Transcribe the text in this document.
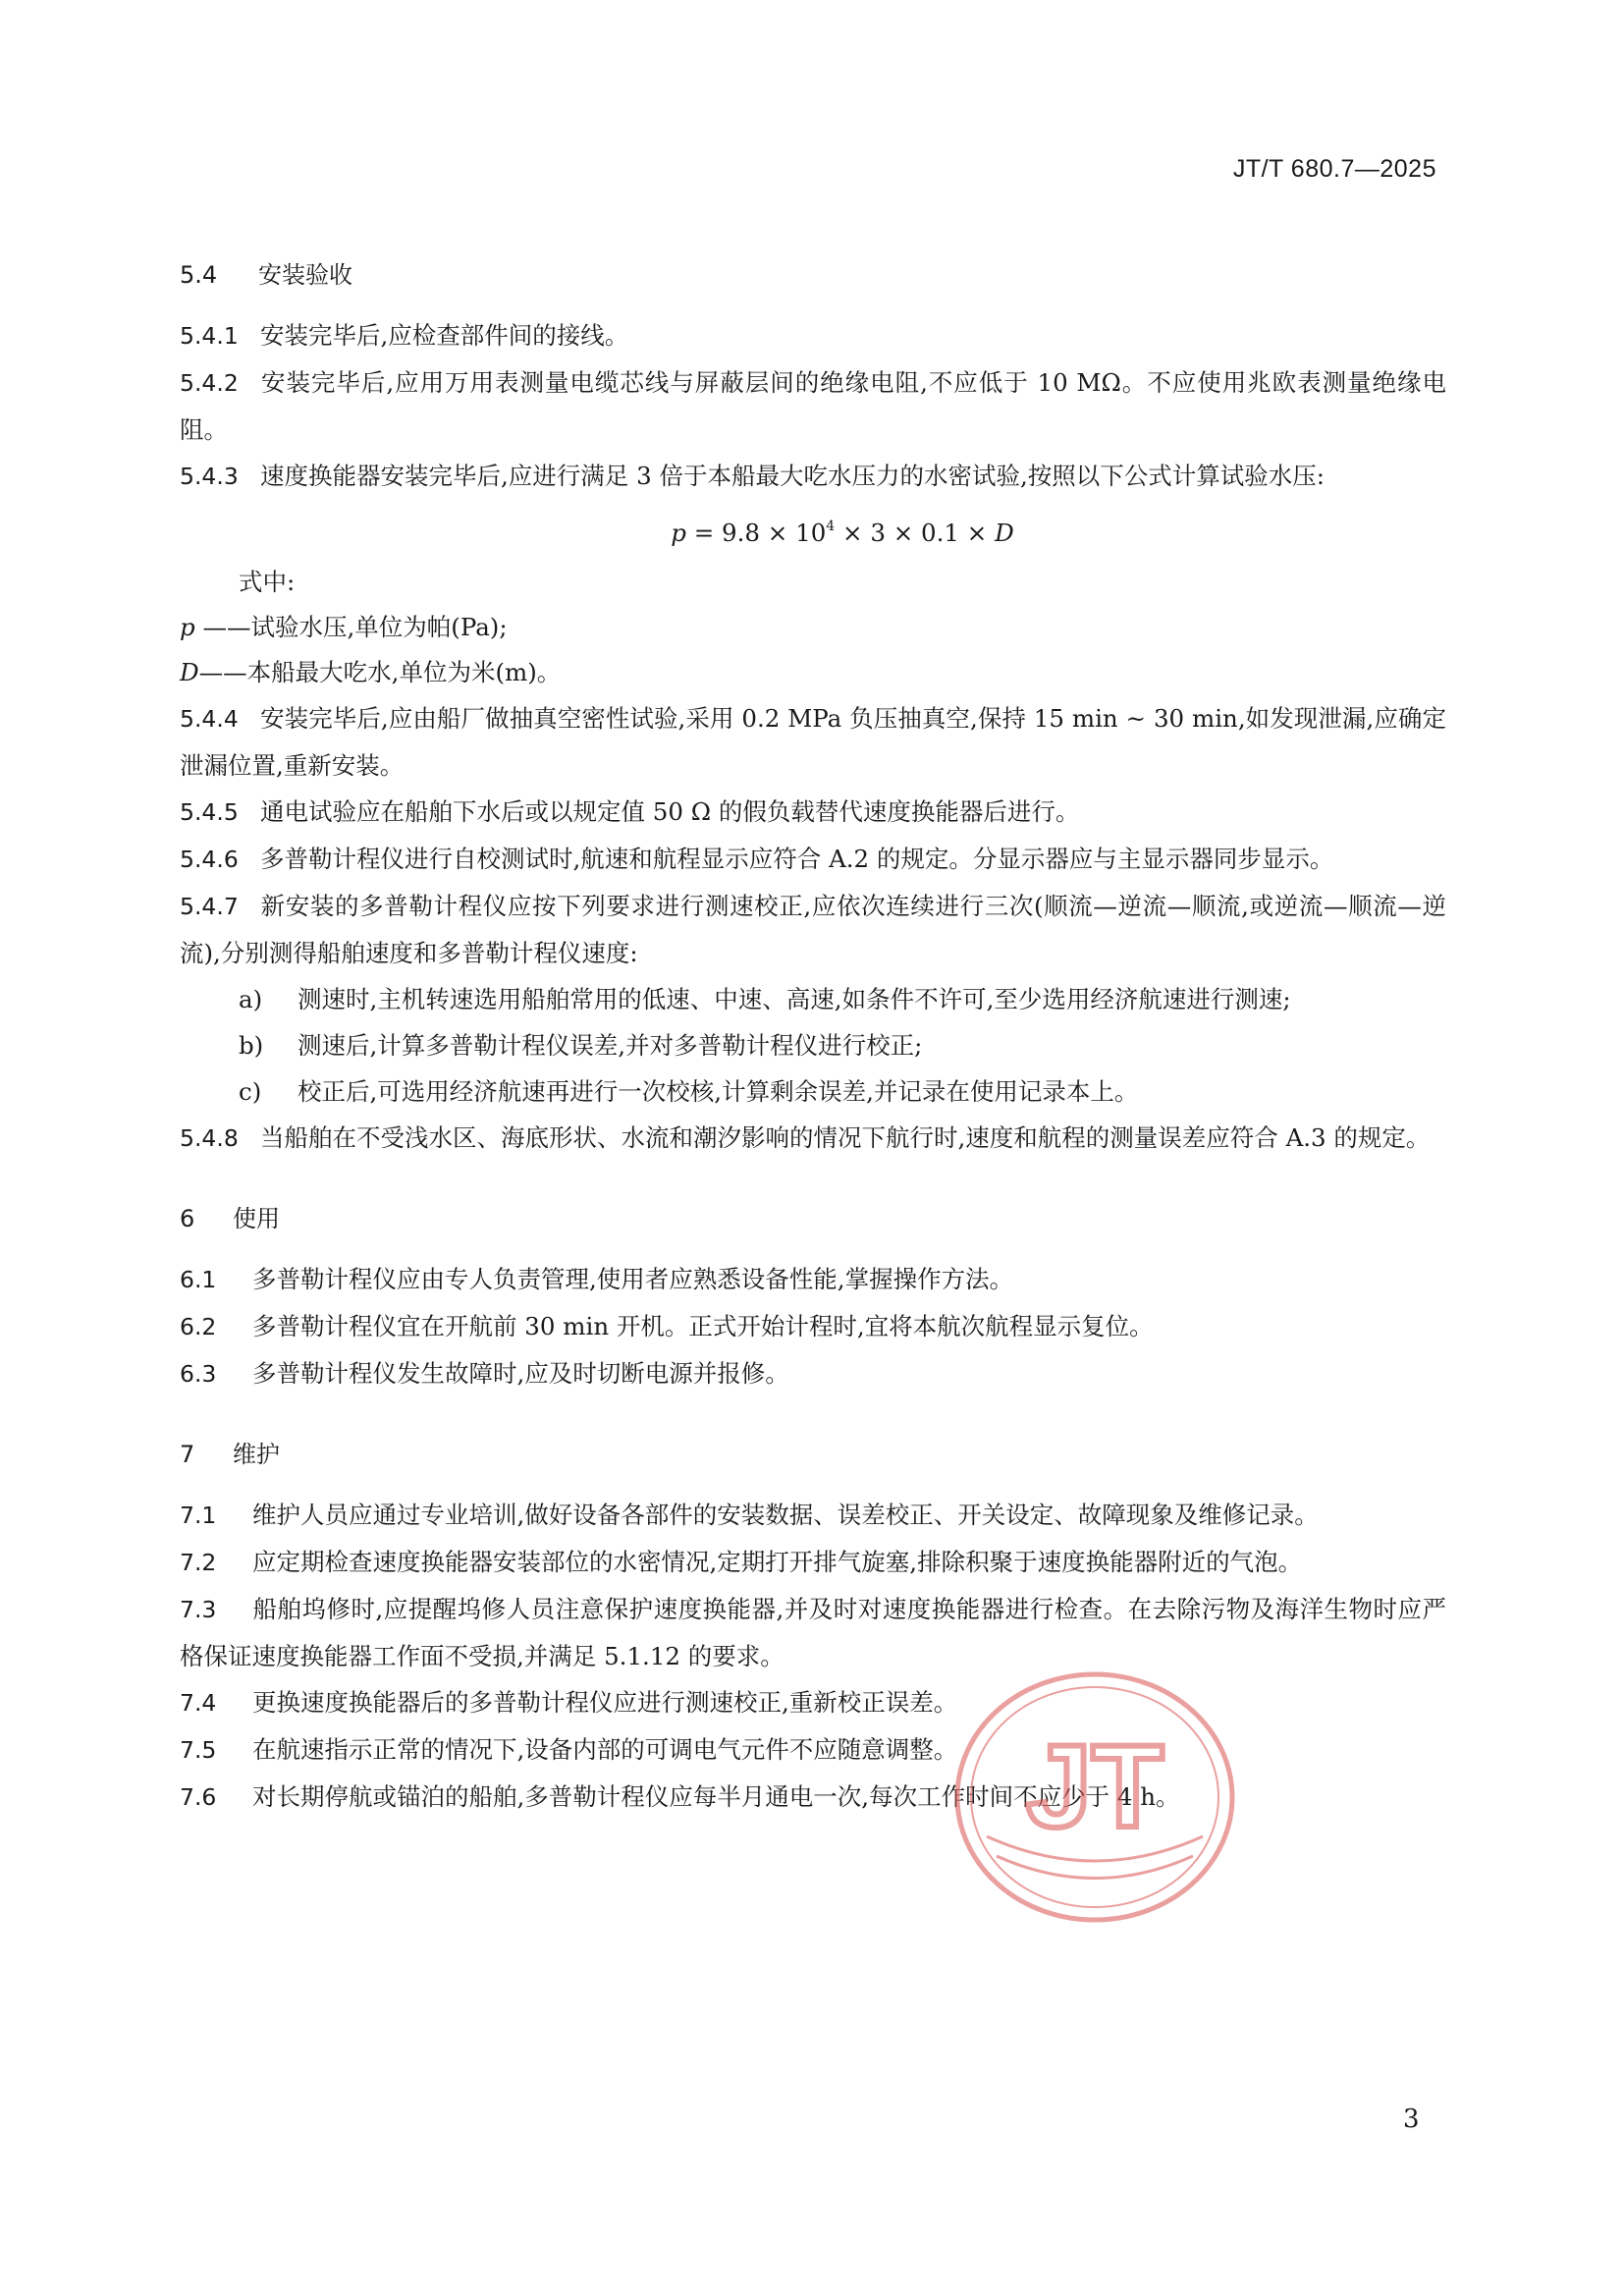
JT/T 680.7—2025
5.4	安装验收
5.4.1 安装完毕后,应检查部件间的接线。
5.4.2 安装完毕后,应用万用表测量电缆芯线与屏蔽层间的绝缘电阻,不应低于 10 MΩ。不应使用兆欧表测量绝缘电阻。
5.4.3 速度换能器安装完毕后,应进行满足 3 倍于本船最大吃水压力的水密试验,按照以下公式计算试验水压:
$p = 9.8 \times 10^4 \times 3 \times 0.1 \times D$
式中:
p ——试验水压,单位为帕(Pa);
D——本船最大吃水,单位为米(m)。
5.4.4 安装完毕后,应由船厂做抽真空密性试验,采用 0.2 MPa 负压抽真空,保持 15 min ~ 30 min,如发现泄漏,应确定泄漏位置,重新安装。
5.4.5 通电试验应在船舶下水后或以规定值 50 Ω 的假负载替代速度换能器后进行。
5.4.6 多普勒计程仪进行自校测试时,航速和航程显示应符合 A.2 的规定。分显示器应与主显示器同步显示。
5.4.7 新安装的多普勒计程仪应按下列要求进行测速校正,应依次连续进行三次(顺流—逆流—顺流,或逆流—顺流—逆流),分别测得船舶速度和多普勒计程仪速度:
a)	测速时,主机转速选用船舶常用的低速、中速、高速,如条件不许可,至少选用经济航速进行测速;
b)	测速后,计算多普勒计程仪误差,并对多普勒计程仪进行校正;
c)	校正后,可选用经济航速再进行一次校核,计算剩余误差,并记录在使用记录本上。
5.4.8 当船舶在不受浅水区、海底形状、水流和潮汐影响的情况下航行时,速度和航程的测量误差应符合 A.3 的规定。
6	使用
6.1 多普勒计程仪应由专人负责管理,使用者应熟悉设备性能,掌握操作方法。
6.2 多普勒计程仪宜在开航前 30 min 开机。正式开始计程时,宜将本航次航程显示复位。
6.3 多普勒计程仪发生故障时,应及时切断电源并报修。
7	维护
7.1 维护人员应通过专业培训,做好设备各部件的安装数据、误差校正、开关设定、故障现象及维修记录。
7.2 应定期检查速度换能器安装部位的水密情况,定期打开排气旋塞,排除积聚于速度换能器附近的气泡。
7.3 船舶坞修时,应提醒坞修人员注意保护速度换能器,并及时对速度换能器进行检查。在去除污物及海洋生物时应严格保证速度换能器工作面不受损,并满足 5.1.12 的要求。
7.4 更换速度换能器后的多普勒计程仪应进行测速校正,重新校正误差。
7.5 在航速指示正常的情况下,设备内部的可调电气元件不应随意调整。
7.6 对长期停航或锚泊的船舶,多普勒计程仪应每半月通电一次,每次工作时间不应少于 4 h。
JT
3
